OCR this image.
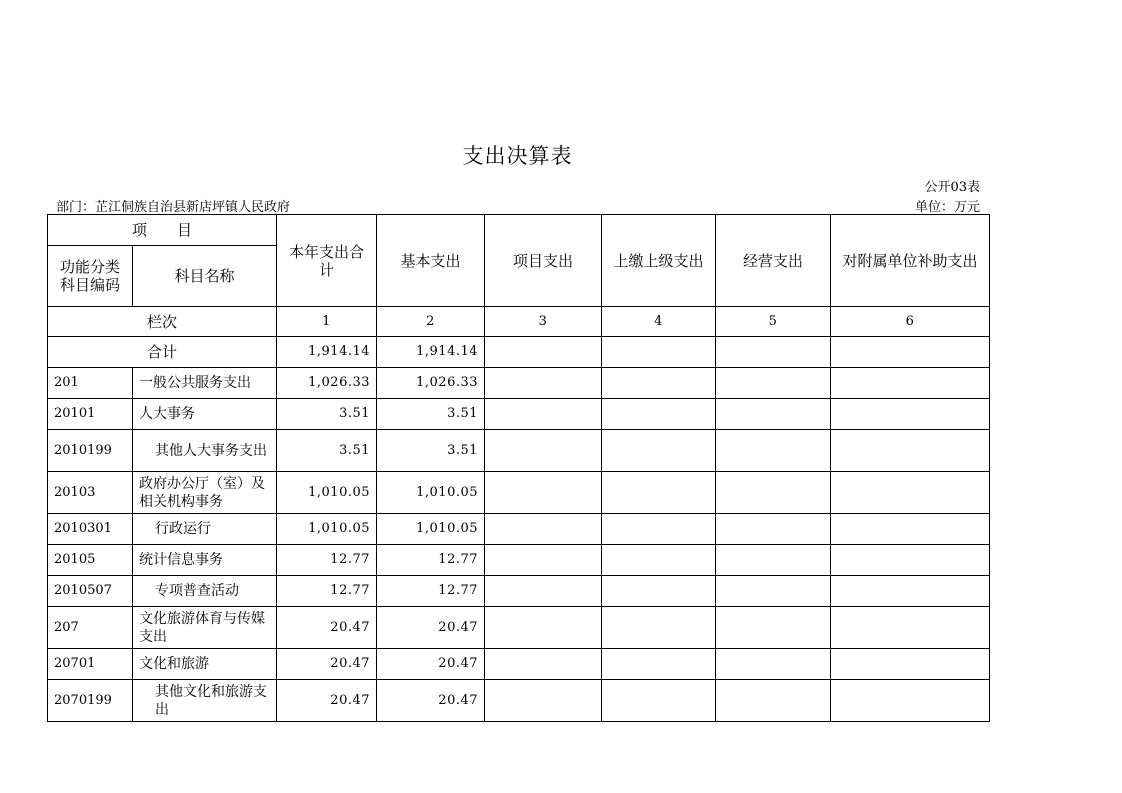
支出决算表
公开03表
部门：芷江侗族自治县新店坪镇人民政府	单位：万元
项　　目		本年支出合计	基本支出	项目支出	上缴上级支出	经营支出	对附属单位补助支出
功能分类科目编码	科目名称						
栏次		1	2	3	4	5	6
合计		1,914.14	1,914.14				
201	一般公共服务支出	1,026.33	1,026.33				
20101	人大事务	3.51	3.51				
2010199	其他人大事务支出	3.51	3.51				
20103	政府办公厅（室）及相关机构事务	1,010.05	1,010.05				
2010301	行政运行	1,010.05	1,010.05				
20105	统计信息事务	12.77	12.77				
2010507	专项普查活动	12.77	12.77				
207	文化旅游体育与传媒支出	20.47	20.47				
20701	文化和旅游	20.47	20.47				
2070199	其他文化和旅游支出	20.47	20.47				
